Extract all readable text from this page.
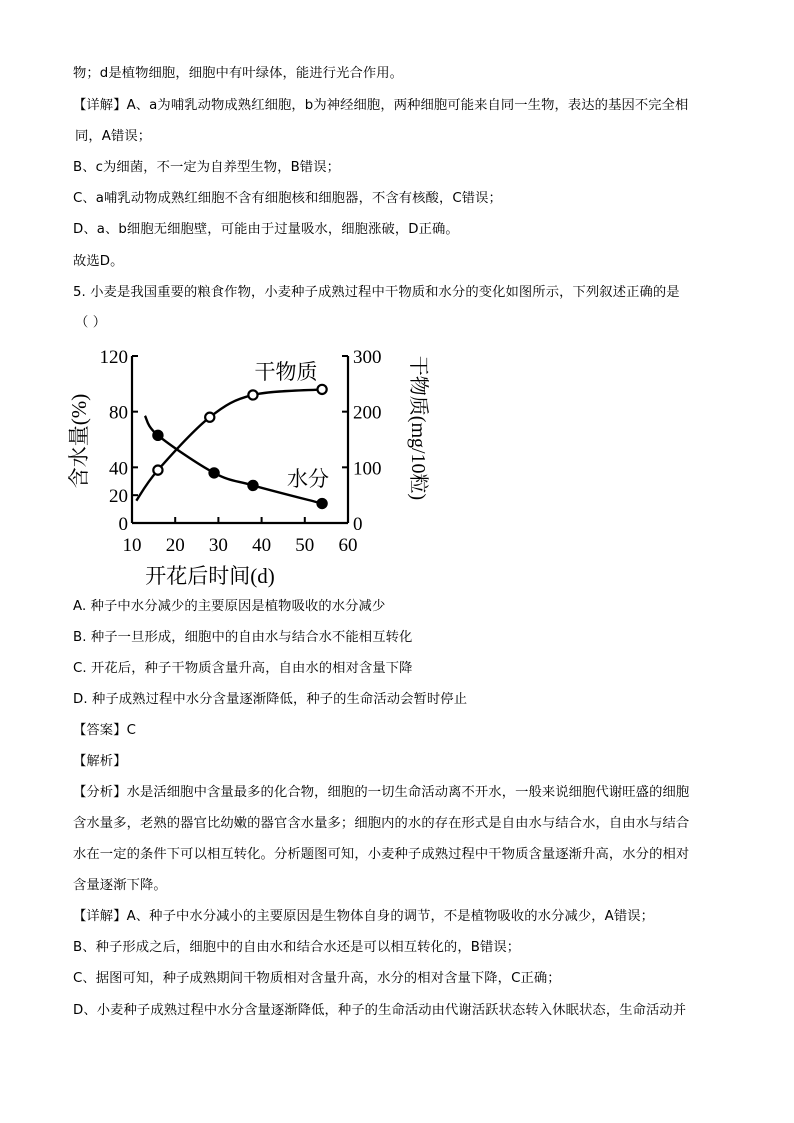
物；d是植物细胞，细胞中有叶绿体，能进行光合作用。
【详解】A、a为哺乳动物成熟红细胞，b为神经细胞，两种细胞可能来自同一生物，表达的基因不完全相
同，A错误；
B、c为细菌，不一定为自养型生物，B错误；
C、a哺乳动物成熟红细胞不含有细胞核和细胞器，不含有核酸，C错误；
D、a、b细胞无细胞壁，可能由于过量吸水，细胞涨破，D正确。
故选D。
5. 小麦是我国重要的粮食作物，小麦种子成熟过程中干物质和水分的变化如图所示，下列叙述正确的是
（ ）
10 20 30 40 50 60
0
20
40
80
120
0
100
200
300
干物质
水分
开花后时间(d)
含水量(%)	干物质(mg/10粒)
A. 种子中水分减少的主要原因是植物吸收的水分减少
B. 种子一旦形成，细胞中的自由水与结合水不能相互转化
C. 开花后，种子干物质含量升高，自由水的相对含量下降
D. 种子成熟过程中水分含量逐渐降低，种子的生命活动会暂时停止
【答案】C
【解析】
【分析】水是活细胞中含量最多的化合物，细胞的一切生命活动离不开水，一般来说细胞代谢旺盛的细胞
含水量多，老熟的器官比幼嫩的器官含水量多；细胞内的水的存在形式是自由水与结合水，自由水与结合
水在一定的条件下可以相互转化。分析题图可知，小麦种子成熟过程中干物质含量逐渐升高，水分的相对
含量逐渐下降。
【详解】A、种子中水分减小的主要原因是生物体自身的调节，不是植物吸收的水分减少，A错误；
B、种子形成之后，细胞中的自由水和结合水还是可以相互转化的，B错误；
C、据图可知，种子成熟期间干物质相对含量升高，水分的相对含量下降，C正确；
D、小麦种子成熟过程中水分含量逐渐降低，种子的生命活动由代谢活跃状态转入休眠状态，生命活动并
